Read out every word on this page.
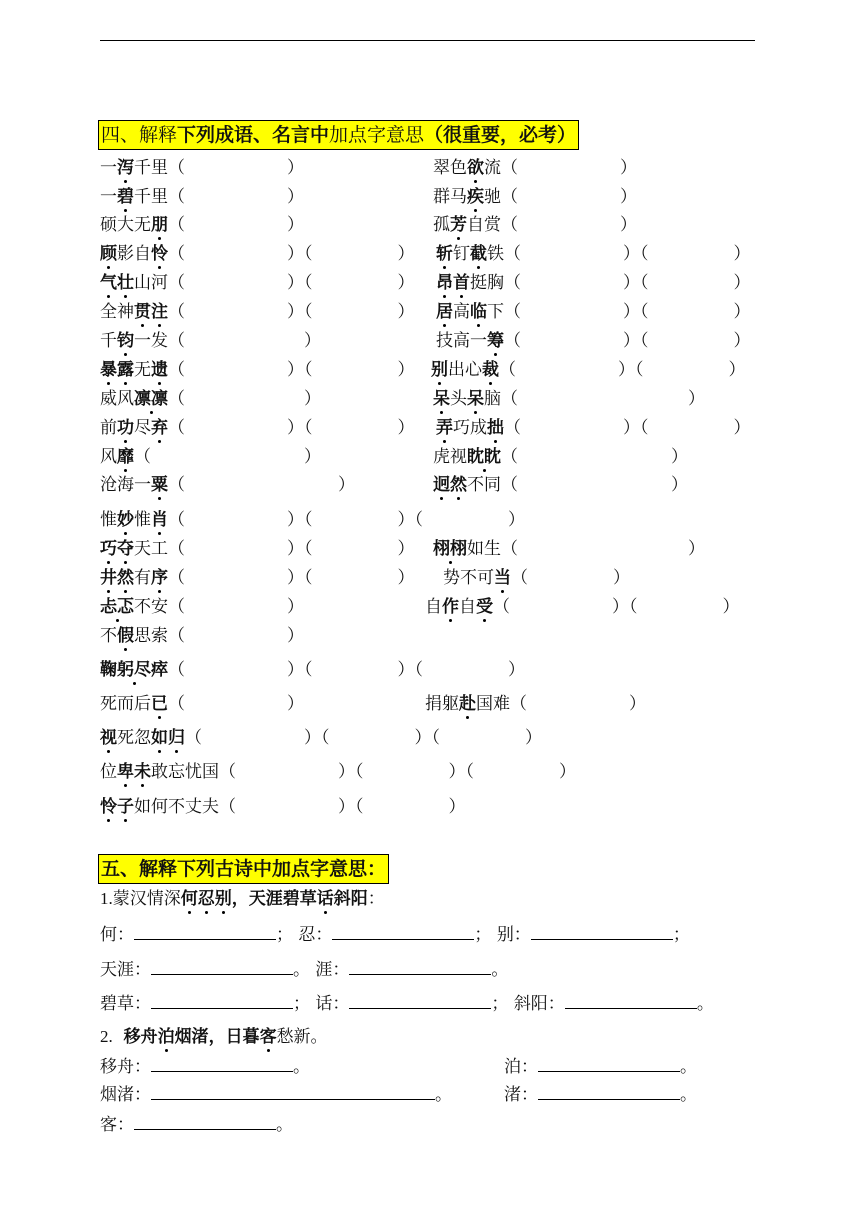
四、解释下列成语、名言中加点字意思（很重要，必考）
一泻千里（　　　　　　）	翠色欲流（　　　　　　）
一碧千里（　　　　　　）	群马疾驰（　　　　　　）
硕大无朋（　　　　　　）	孤芳自赏（　　　　　　）
顾影自怜（　　　　　　）（　　　　　） 斩钉截铁（　　　　　　）（　　　　　）
气壮山河（　　　　　　）（　　　　　） 昂首挺胸（　　　　　　）（　　　　　）
全神贯注（　　　　　　）（　　　　　） 居高临下（　　　　　　）（　　　　　）
千钧一发（　　　　　　　）	技高一筹（　　　　　　）（　　　　　）
暴露无遗（　　　　　　）（　　　　　） 别出心裁（　　　　　　）（　　　　　）
威风凛凛（　　　　　　　）	呆头呆脑（　　　　　　　　　　）
前功尽弃（　　　　　　）（　　　　　） 弄巧成拙（　　　　　　）（　　　　　）
风靡（　　　　　　　　　）	虎视眈眈（　　　　　　　　　）
沧海一粟（　　　　　　　　　）	迥然不同（　　　　　　　　　）
惟妙惟肖（　　　　　　）（　　　　　）（　　　　　）
巧夺天工（　　　　　　）（　　　　　） 栩栩如生（　　　　　　　　　　）
井然有序（　　　　　　）（　　　　　） 势不可当（　　　　　）
忐忑不安（　　　　　　）	自作自受（　　　　　　）（　　　　　）
不假思索（　　　　　　）
鞠躬尽瘁（　　　　　　）（　　　　　）（　　　　　）
死而后已（　　　　　　）	捐躯赴国难（　　　　　　）
视死忽如归（　　　　　　）（　　　　　）（　　　　　）
位卑未敢忘忧国（　　　　　　）（　　　　　）（　　　　　）
怜子如何不丈夫（　　　　　　）（　　　　　）
五、解释下列古诗中加点字意思：
1.蒙汉情深何忍别，天涯碧草话斜阳：
何：	； 忍：	； 别：	；
天涯：	。 涯：	。
碧草：	； 话：	； 斜阳：	。
2. 移舟泊烟渚，日暮客愁新。
移舟：	。	泊：	。
烟渚：	。	渚：	。
客：	。
